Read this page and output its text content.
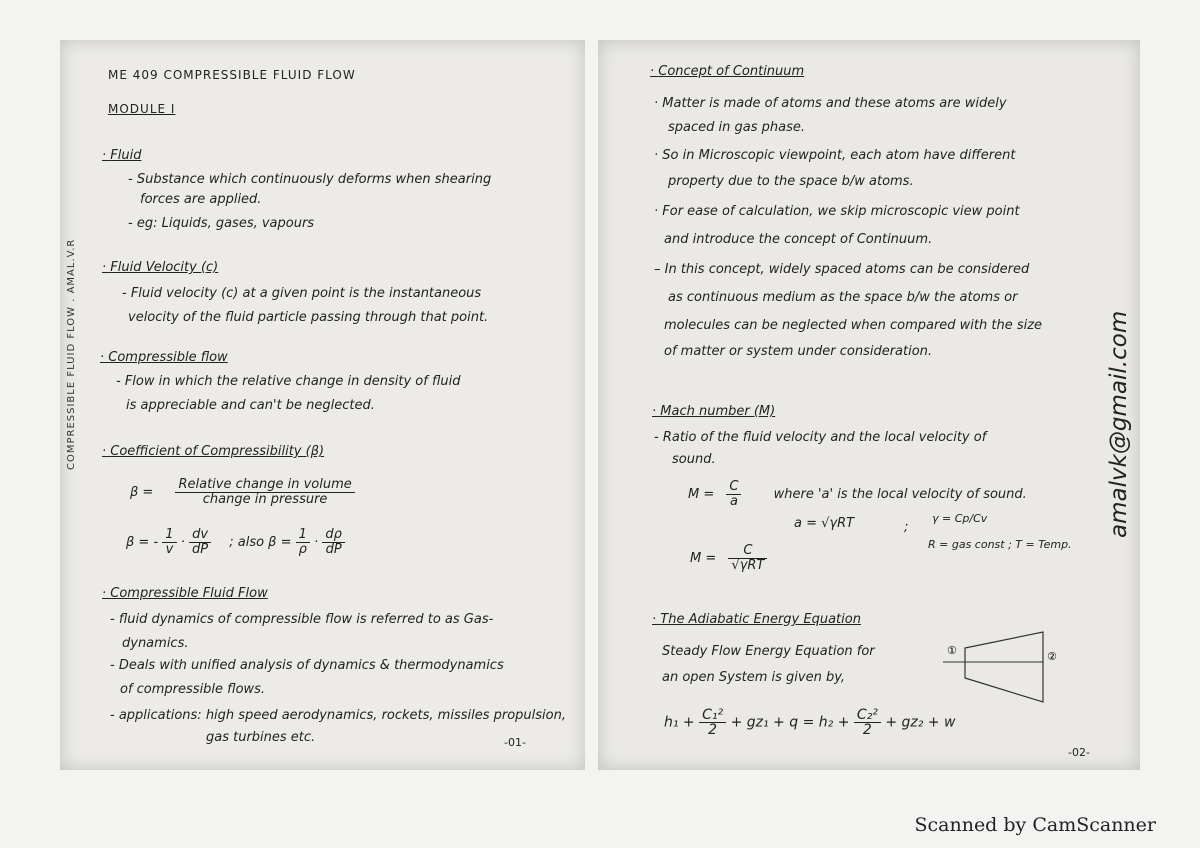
COMPRESSIBLE FLUID FLOW . AMAL.V.R
ME 409 COMPRESSIBLE FLUID FLOW
MODULE I
· Fluid
- Substance which continuously deforms when shearing
forces are applied.
- eg: Liquids, gases, vapours
· Fluid Velocity (c)
- Fluid velocity (c) at a given point is the instantaneous
velocity of the fluid particle passing through that point.
· Compressible flow
- Flow in which the relative change in density of fluid
is appreciable and can't be neglected.
· Coefficient of Compressibility (β)
$\beta = \frac{\text{Relative change in volume}}{\text{change in pressure}}$
β = - $\frac{1}{v} \cdot \frac{dv}{dP}$ ; also $\beta = \frac{1}{\rho} \cdot \frac{d\rho}{dP}$
· Compressible Fluid Flow
- fluid dynamics of compressible flow is referred to as Gas-
dynamics.
- Deals with unified analysis of dynamics & thermodynamics
of compressible flows.
- applications: high speed aerodynamics, rockets, missiles propulsion,
gas turbines etc.	-01-
· Concept of Continuum
· Matter is made of atoms and these atoms are widely
spaced in gas phase.
· So in Microscopic viewpoint, each atom have different
property due to the space b/w atoms.
· For ease of calculation, we skip microscopic view point
and introduce the concept of Continuum.
– In this concept, widely spaced atoms can be considered
as continuous medium as the space b/w the atoms or
molecules can be neglected when compared with the size
of matter or system under consideration.
· Mach number (M)
- Ratio of the fluid velocity and the local velocity of
sound.
$M = \frac{C}{a}$ where 'a' is the local velocity of sound.
a = √γRT	;
γ = Cp/Cv
R = gas const ; T = Temp.
$M = \frac{C}{\text{√γRT}}$
· The Adiabatic Energy Equation
Steady Flow Energy Equation for
an open System is given by,
①	②
$h_1 + \frac{\text{C₁²}}{2} + gz_1 + q = h_2 + \frac{\text{C₂²}}{2} + gz_2 + w$
amalvk@gmail.com
-02-
Scanned by CamScanner
